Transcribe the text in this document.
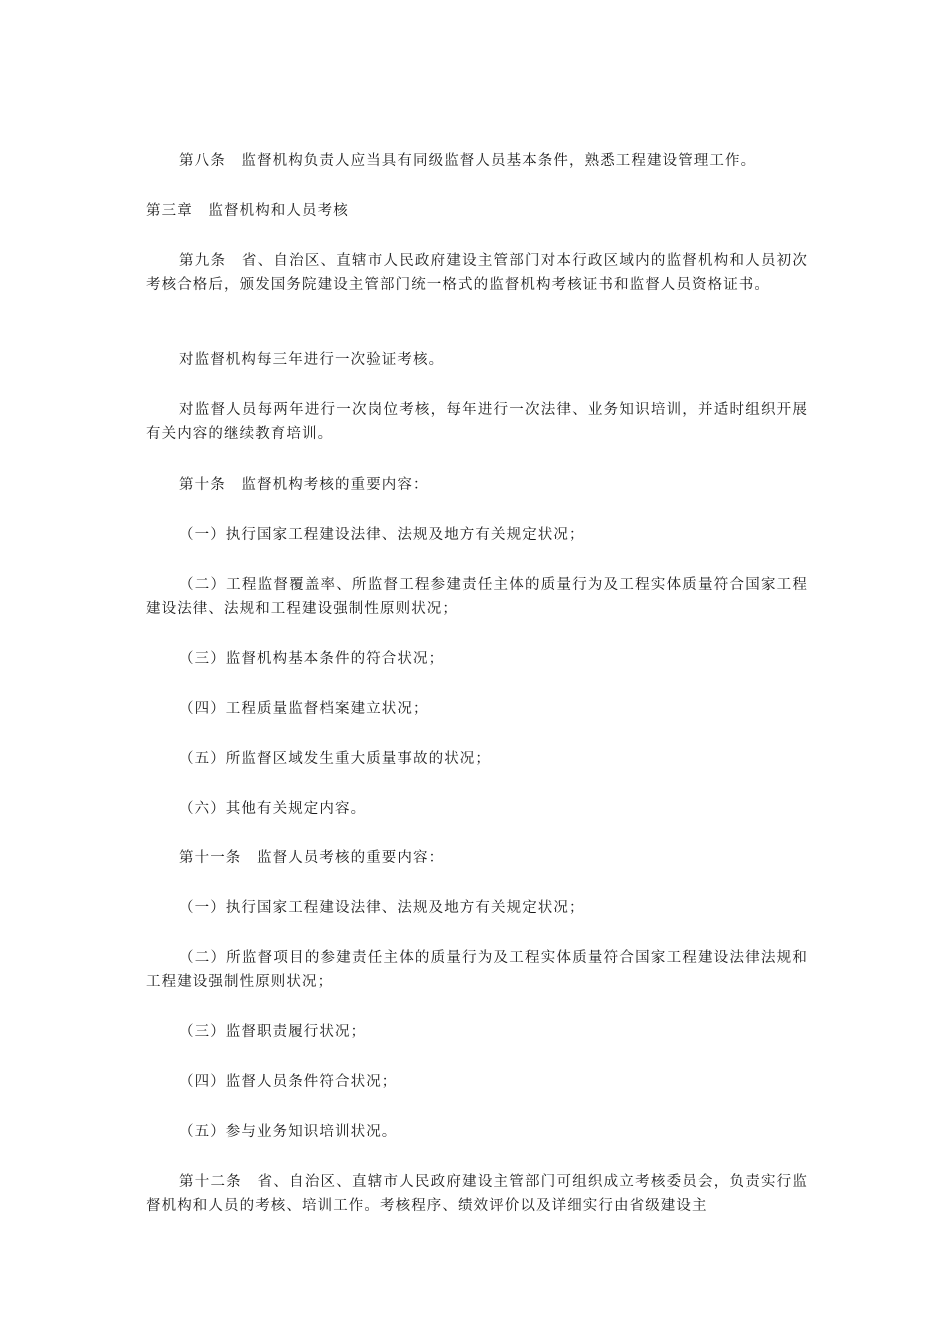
第八条　监督机构负责人应当具有同级监督人员基本条件，熟悉工程建设管理工作。
第三章　监督机构和人员考核
第九条　省、自治区、直辖市人民政府建设主管部门对本行政区域内的监督机构和人员初次考核合格后，颁发国务院建设主管部门统一格式的监督机构考核证书和监督人员资格证书。
对监督机构每三年进行一次验证考核。
对监督人员每两年进行一次岗位考核，每年进行一次法律、业务知识培训，并适时组织开展有关内容的继续教育培训。
第十条　监督机构考核的重要内容：
（一）执行国家工程建设法律、法规及地方有关规定状况；
（二）工程监督覆盖率、所监督工程参建责任主体的质量行为及工程实体质量符合国家工程建设法律、法规和工程建设强制性原则状况；
（三）监督机构基本条件的符合状况；
（四）工程质量监督档案建立状况；
（五）所监督区域发生重大质量事故的状况；
（六）其他有关规定内容。
第十一条　监督人员考核的重要内容：
（一）执行国家工程建设法律、法规及地方有关规定状况；
（二）所监督项目的参建责任主体的质量行为及工程实体质量符合国家工程建设法律法规和工程建设强制性原则状况；
（三）监督职责履行状况；
（四）监督人员条件符合状况；
（五）参与业务知识培训状况。
第十二条　省、自治区、直辖市人民政府建设主管部门可组织成立考核委员会，负责实行监督机构和人员的考核、培训工作。考核程序、绩效评价以及详细实行由省级建设主
